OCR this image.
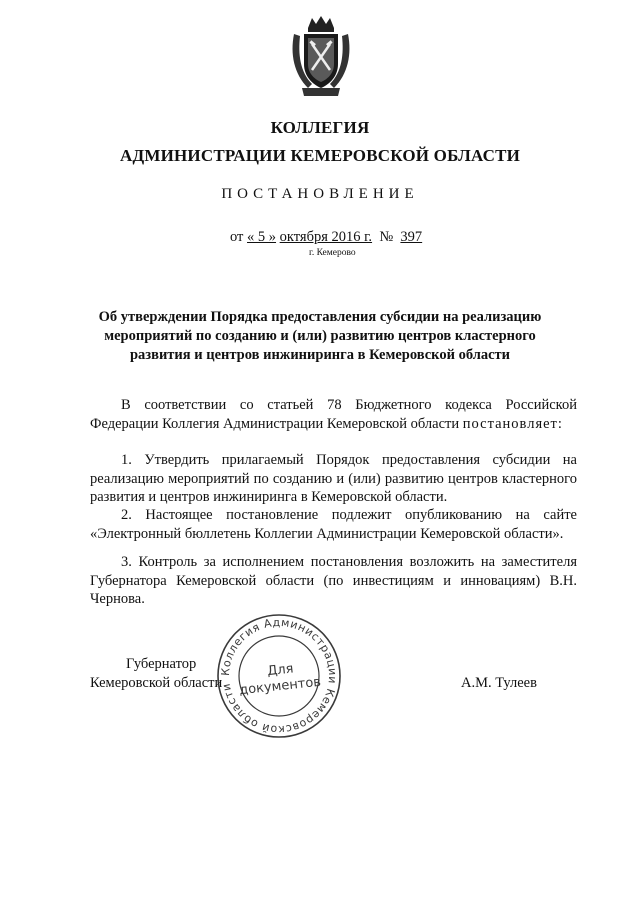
КОЛЛЕГИЯ
АДМИНИСТРАЦИИ КЕМЕРОВСКОЙ ОБЛАСТИ
ПОСТАНОВЛЕНИЕ
от « 5 » октября 2016 г. № 397
г. Кемерово
Об утверждении Порядка предоставления субсидии на реализацию мероприятий по созданию и (или) развитию центров кластерного развития и центров инжиниринга в Кемеровской области
В соответствии со статьей 78 Бюджетного кодекса Российской Федерации Коллегия Администрации Кемеровской области постановляет:
1. Утвердить прилагаемый Порядок предоставления субсидии на реализацию мероприятий по созданию и (или) развитию центров кластерного развития и центров инжиниринга в Кемеровской области.
2. Настоящее постановление подлежит опубликованию на сайте «Электронный бюллетень Коллегии Администрации Кемеровской области».
3. Контроль за исполнением постановления возложить на заместителя Губернатора Кемеровской области (по инвестициям и инновациям) В.Н. Чернова.
Коллегия Администрации Кемеровской области
Для
документов
Губернатор
Кемеровской области	А.М. Тулеев
